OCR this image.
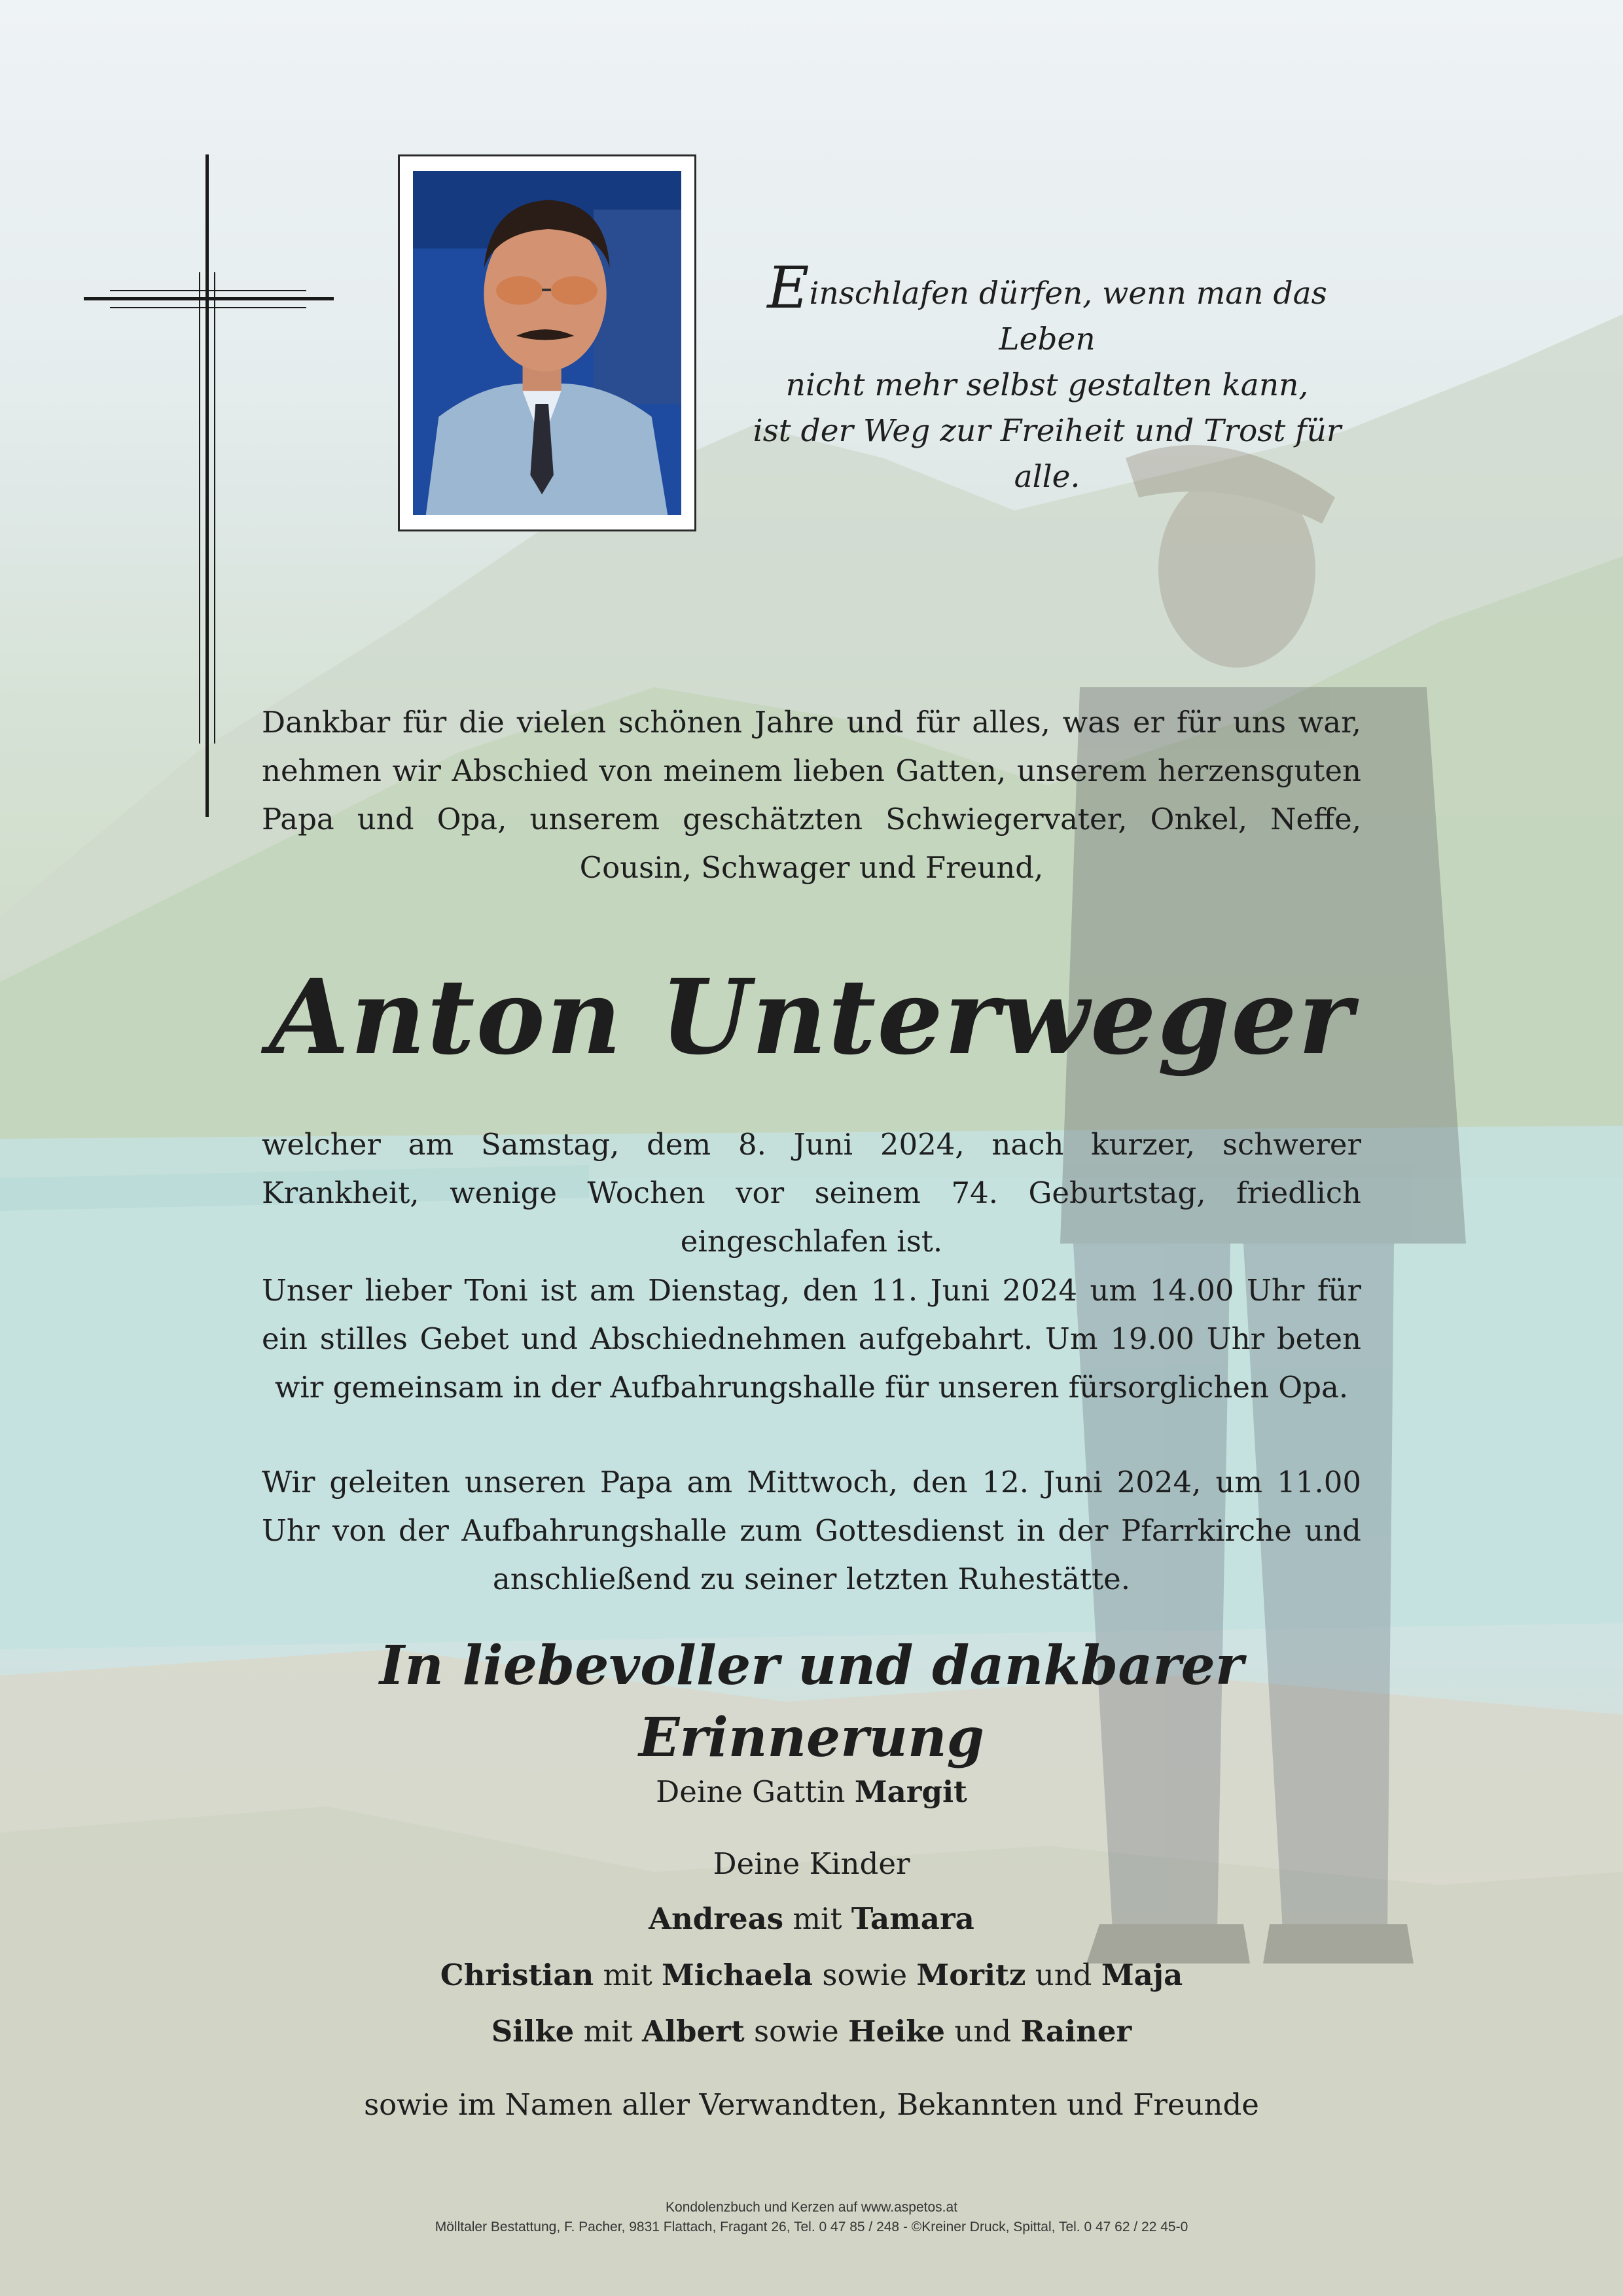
Einschlafen dürfen, wenn man das Leben
nicht mehr selbst gestalten kann,
ist der Weg zur Freiheit und Trost für alle.
Dankbar für die vielen schönen Jahre und für alles, was er für uns war, nehmen wir Abschied von meinem lieben Gatten, unserem herzensguten Papa und Opa, unserem geschätzten Schwiegervater, Onkel, Neffe, Cousin, Schwager und Freund,
Anton Unterweger
welcher am Samstag, dem 8. Juni 2024, nach kurzer, schwerer Krankheit, wenige Wochen vor seinem 74. Geburtstag, friedlich eingeschlafen ist.
Unser lieber Toni ist am Dienstag, den 11. Juni 2024 um 14.00 Uhr für ein stilles Gebet und Abschiednehmen aufgebahrt. Um 19.00 Uhr beten wir gemeinsam in der Aufbahrungshalle für unseren fürsorglichen Opa.
Wir geleiten unseren Papa am Mittwoch, den 12. Juni 2024, um 11.00 Uhr von der Aufbahrungshalle zum Gottesdienst in der Pfarrkirche und anschließend zu seiner letzten Ruhestätte.
In liebevoller und dankbarer Erinnerung
Deine Gattin Margit
Deine Kinder
Andreas mit Tamara
Christian mit Michaela sowie Moritz und Maja
Silke mit Albert sowie Heike und Rainer
sowie im Namen aller Verwandten, Bekannten und Freunde
Kondolenzbuch und Kerzen auf www.aspetos.at
Mölltaler Bestattung, F. Pacher, 9831 Flattach, Fragant 26, Tel. 0 47 85 / 248 - ©Kreiner Druck, Spittal, Tel. 0 47 62 / 22 45-0
